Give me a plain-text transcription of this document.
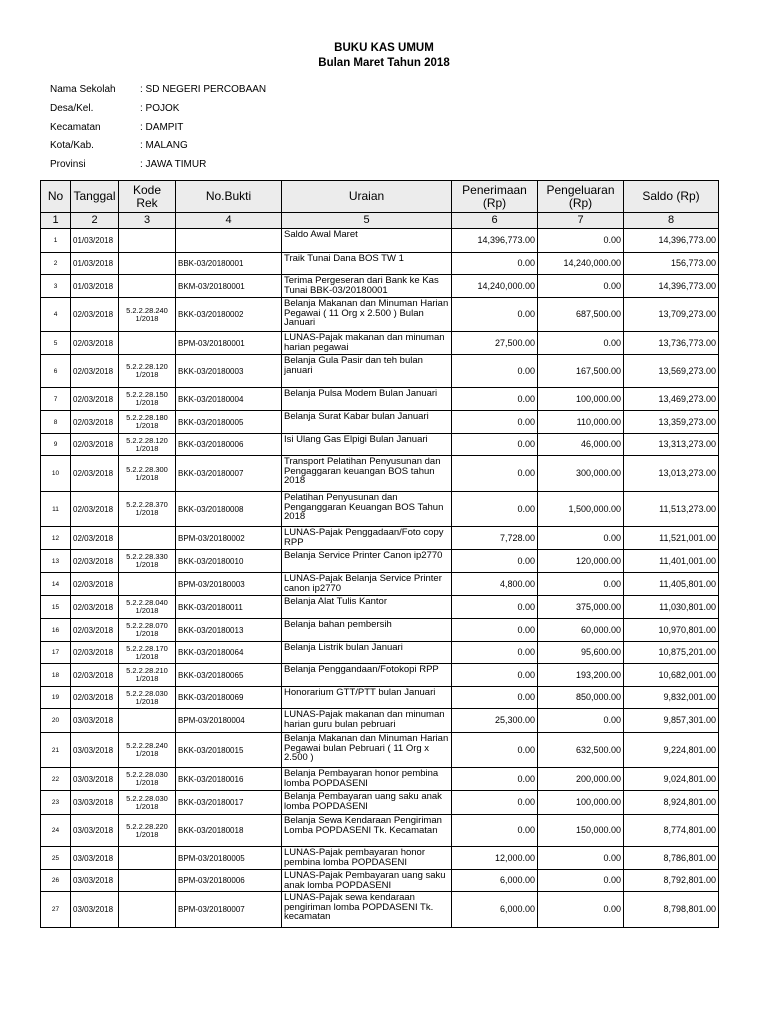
BUKU KAS UMUM
Bulan Maret Tahun 2018
Nama Sekolah : SD NEGERI PERCOBAAN
Desa/Kel.	: POJOK
Kecamatan	: DAMPIT
Kota/Kab.	: MALANG
Provinsi	: JAWA TIMUR
No	Tanggal	Kode Rek	No.Bukti	Uraian	Penerimaan (Rp)	Pengeluaran (Rp)	Saldo (Rp)
1	2	3	4	5	6	7	8
1	01/03/2018			Saldo Awal Maret	14,396,773.00	0.00	14,396,773.00
2	01/03/2018		BBK-03/20180001	Traik Tunai Dana BOS TW 1	0.00	14,240,000.00	156,773.00
3	01/03/2018		BKM-03/20180001	Terima Pergeseran dari Bank ke Kas Tunai BBK-03/20180001	14,240,000.00	0.00	14,396,773.00
4	02/03/2018	5.2.2.28.240 1/2018	BKK-03/20180002	Belanja Makanan dan Minuman Harian Pegawai ( 11 Org x 2.500 ) Bulan Januari	0.00	687,500.00	13,709,273.00
5	02/03/2018		BPM-03/20180001	LUNAS-Pajak makanan dan minuman harian pegawai	27,500.00	0.00	13,736,773.00
6	02/03/2018	5.2.2.28.120 1/2018	BKK-03/20180003	Belanja Gula Pasir dan teh bulan januari	0.00	167,500.00	13,569,273.00
7	02/03/2018	5.2.2.28.150 1/2018	BKK-03/20180004	Belanja Pulsa Modem Bulan Januari	0.00	100,000.00	13,469,273.00
8	02/03/2018	5.2.2.28.180 1/2018	BKK-03/20180005	Belanja Surat Kabar bulan Januari	0.00	110,000.00	13,359,273.00
9	02/03/2018	5.2.2.28.120 1/2018	BKK-03/20180006	Isi Ulang Gas Elpigi Bulan Januari	0.00	46,000.00	13,313,273.00
10	02/03/2018	5.2.2.28.300 1/2018	BKK-03/20180007	Transport Pelatihan Penyusunan dan Pengaggaran keuangan BOS tahun 2018	0.00	300,000.00	13,013,273.00
11	02/03/2018	5.2.2.28.370 1/2018	BKK-03/20180008	Pelatihan Penyusunan dan Penganggaran Keuangan BOS Tahun 2018	0.00	1,500,000.00	11,513,273.00
12	02/03/2018		BPM-03/20180002	LUNAS-Pajak Penggadaan/Foto copy RPP	7,728.00	0.00	11,521,001.00
13	02/03/2018	5.2.2.28.330 1/2018	BKK-03/20180010	Belanja Service Printer Canon ip2770	0.00	120,000.00	11,401,001.00
14	02/03/2018		BPM-03/20180003	LUNAS-Pajak Belanja Service Printer canon ip2770	4,800.00	0.00	11,405,801.00
15	02/03/2018	5.2.2.28.040 1/2018	BKK-03/20180011	Belanja Alat Tulis Kantor	0.00	375,000.00	11,030,801.00
16	02/03/2018	5.2.2.28.070 1/2018	BKK-03/20180013	Belanja bahan pembersih	0.00	60,000.00	10,970,801.00
17	02/03/2018	5.2.2.28.170 1/2018	BKK-03/20180064	Belanja Listrik bulan Januari	0.00	95,600.00	10,875,201.00
18	02/03/2018	5.2.2.28.210 1/2018	BKK-03/20180065	Belanja Penggandaan/Fotokopi RPP	0.00	193,200.00	10,682,001.00
19	02/03/2018	5.2.2.28.030 1/2018	BKK-03/20180069	Honorarium GTT/PTT bulan Januari	0.00	850,000.00	9,832,001.00
20	03/03/2018		BPM-03/20180004	LUNAS-Pajak makanan dan minuman harian guru bulan pebruari	25,300.00	0.00	9,857,301.00
21	03/03/2018	5.2.2.28.240 1/2018	BKK-03/20180015	Belanja Makanan dan Minuman Harian Pegawai bulan Pebruari ( 11 Org x 2.500 )	0.00	632,500.00	9,224,801.00
22	03/03/2018	5.2.2.28.030 1/2018	BKK-03/20180016	Belanja Pembayaran honor pembina lomba POPDASENI	0.00	200,000.00	9,024,801.00
23	03/03/2018	5.2.2.28.030 1/2018	BKK-03/20180017	Belanja Pembayaran uang saku anak lomba POPDASENI	0.00	100,000.00	8,924,801.00
24	03/03/2018	5.2.2.28.220 1/2018	BKK-03/20180018	Belanja Sewa Kendaraan Pengiriman Lomba POPDASENI Tk. Kecamatan	0.00	150,000.00	8,774,801.00
25	03/03/2018		BPM-03/20180005	LUNAS-Pajak pembayaran honor pembina lomba POPDASENI	12,000.00	0.00	8,786,801.00
26	03/03/2018		BPM-03/20180006	LUNAS-Pajak Pembayaran uang saku anak lomba POPDASENI	6,000.00	0.00	8,792,801.00
27	03/03/2018		BPM-03/20180007	LUNAS-Pajak sewa kendaraan pengiriman lomba POPDASENI Tk. kecamatan	6,000.00	0.00	8,798,801.00
